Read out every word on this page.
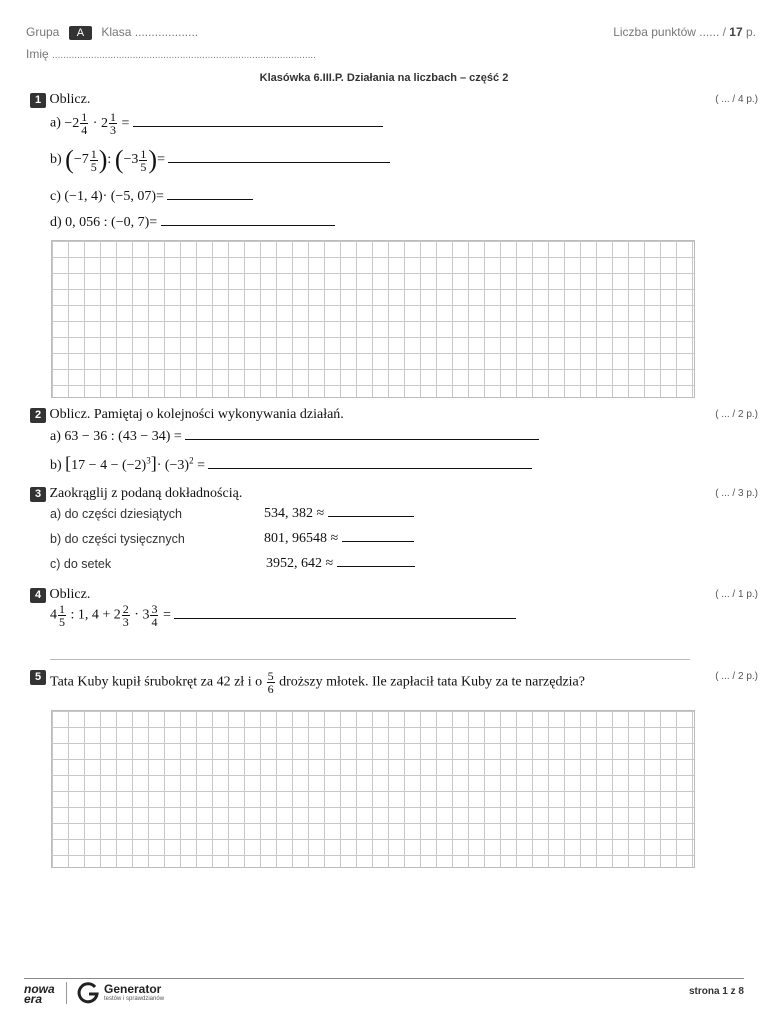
Grupa A Klasa ...................	Liczba punktów ...... / 17 p.
Imię ...............................................................................................
Klasówka 6.III.P. Działania na liczbach – część 2
1 Oblicz.	( ... / 4 p.)
$a) -2 \frac{1}{4} \cdot 2 \frac{1}{3}$ =
b) ($-7 \frac{1}{5}$ ): ($-3 \frac{1}{5}$ )=
c) (−1, 4)· (−5, 07)=
d) 0, 056 : (−0, 7)=
2 Oblicz. Pamiętaj o kolejności wykonywania działań.	( ... / 2 p.)
a) 63 − 36 : (43 − 34) =
b) $[17 - 4 - (-2)^3]\cdot (-3)^2$ =
3 Zaokrąglij z podaną dokładnością.	( ... / 3 p.)
a) do części dziesiątych	534, 382 ≈
b) do części tysięcznych	801, 96548 ≈
c) do setek	3952, 642 ≈
4 Oblicz.	( ... / 1 p.)
$4 \frac{1}{5}$ : 1, $4 + 2 \frac{2}{3} \cdot 3 \frac{3}{4}$ =
5	( ... / 2 p.)
Tata Kuby kupił śrubokręt za 42 zł i o $\frac{5}{6}$ droższy młotek. Ile zapłacił tata Kuby za te narzędzia?
nowa era
Generator
testów i sprawdzianów
strona 1 z 8
